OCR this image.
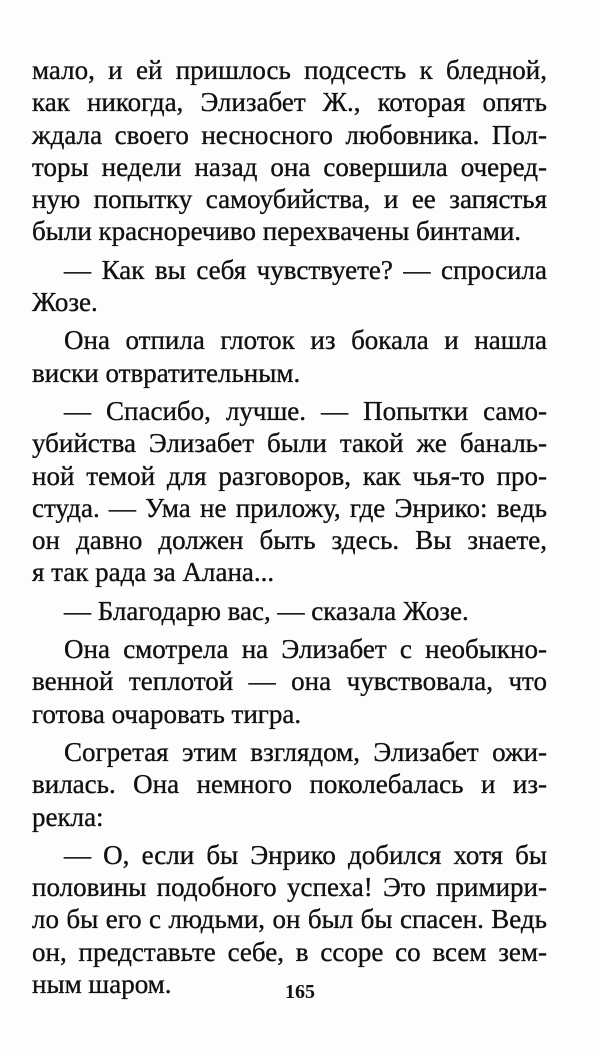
мало, и ей пришлось подсесть к бледной,
как никогда, Элизабет Ж., которая опять
ждала своего несносного любовника. Пол-
торы недели назад она совершила очеред-
ную попытку самоубийства, и ее запястья
были красноречиво перехвачены бинтами.
— Как вы себя чувствуете? — спросила
Жозе.
Она отпила глоток из бокала и нашла
виски отвратительным.
— Спасибо, лучше. — Попытки само-
убийства Элизабет были такой же баналь-
ной темой для разговоров, как чья-то про-
студа. — Ума не приложу, где Энрико: ведь
он давно должен быть здесь. Вы знаете,
я так рада за Алана...
— Благодарю вас, — сказала Жозе.
Она смотрела на Элизабет с необыкно-
венной теплотой — она чувствовала, что
готова очаровать тигра.
Согретая этим взглядом, Элизабет ожи-
вилась. Она немного поколебалась и из-
рекла:
— О, если бы Энрико добился хотя бы
половины подобного успеха! Это примири-
ло бы его с людьми, он был бы спасен. Ведь
он, представьте себе, в ссоре со всем зем-
ным шаром.	165
